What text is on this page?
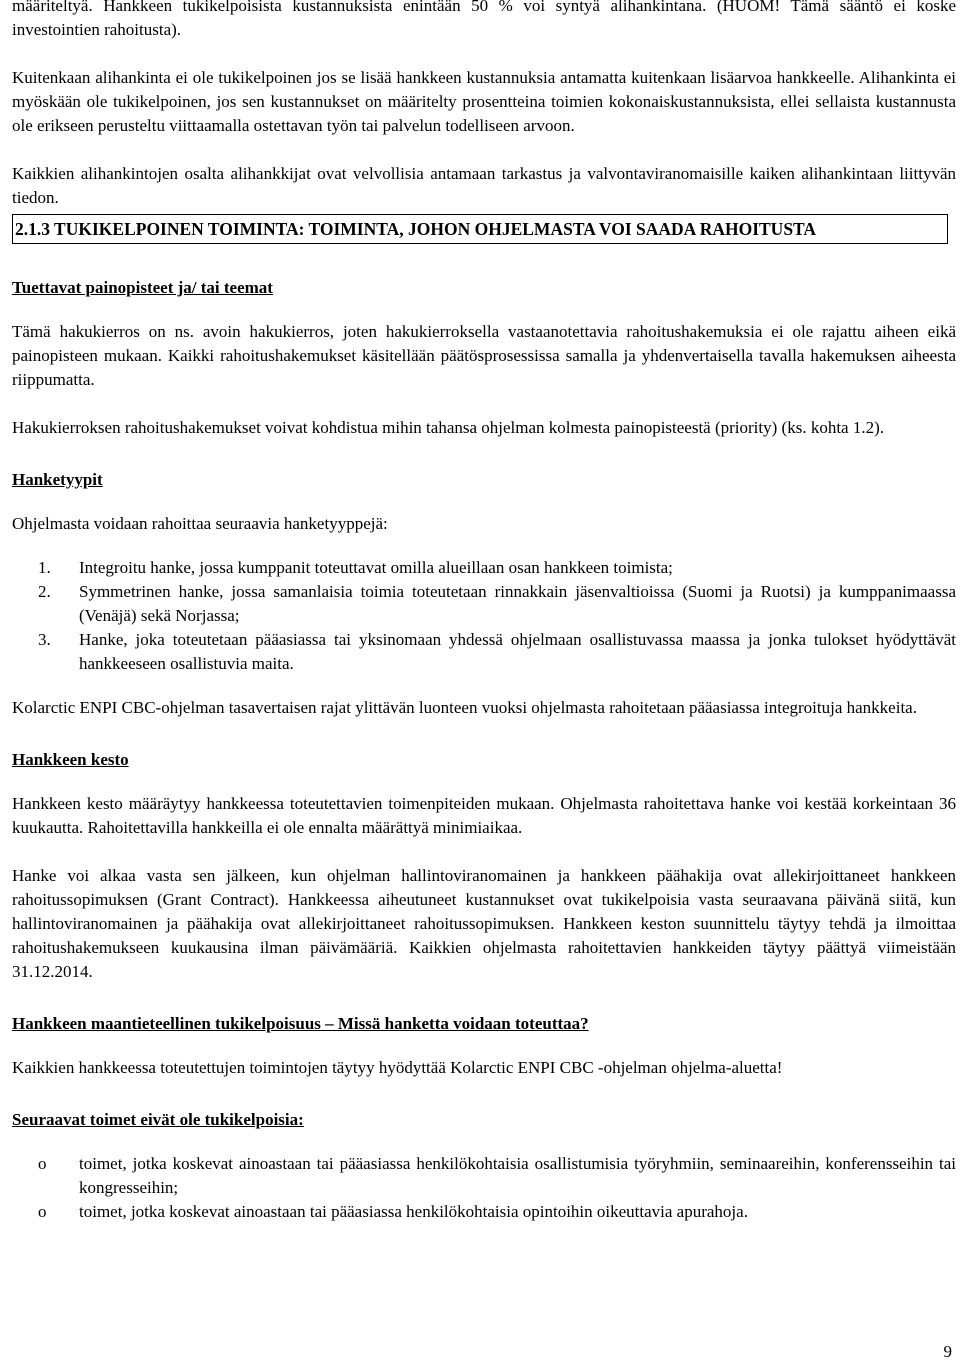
määriteltyä. Hankkeen tukikelpoisista kustannuksista enintään 50 % voi syntyä alihankintana. (HUOM! Tämä sääntö ei koske investointien rahoitusta).

Kuitenkaan alihankinta ei ole tukikelpoinen jos se lisää hankkeen kustannuksia antamatta kuitenkaan lisäarvoa hankkeelle. Alihankinta ei myöskään ole tukikelpoinen, jos sen kustannukset on määritelty prosentteina toimien kokonaiskustannuksista, ellei sellaista kustannusta ole erikseen perusteltu viittaamalla ostettavan työn tai palvelun todelliseen arvoon.

Kaikkien alihankintojen osalta alihankkijat ovat velvollisia antamaan tarkastus ja valvontaviranomaisille kaiken alihankintaan liittyvän tiedon.

2.1.3 TUKIKELPOINEN TOIMINTA: TOIMINTA, JOHON OHJELMASTA VOI SAADA RAHOITUSTA
Tuettavat painopisteet ja/ tai teemat

Tämä hakukierros on ns. avoin hakukierros, joten hakukierroksella vastaanotettavia rahoitushakemuksia ei ole rajattu aiheen eikä painopisteen mukaan. Kaikki rahoitushakemukset käsitellään päätösprosessissa samalla ja yhdenvertaisella tavalla hakemuksen aiheesta riippumatta.

Hakukierroksen rahoitushakemukset voivat kohdistua mihin tahansa ohjelman kolmesta painopisteestä (priority) (ks. kohta 1.2).

Hanketyypit

Ohjelmasta voidaan rahoittaa seuraavia hanketyyppejä:

1.	Integroitu hanke, jossa kumppanit toteuttavat omilla alueillaan osan hankkeen toimista;
2.	Symmetrinen hanke, jossa samanlaisia toimia toteutetaan rinnakkain jäsenvaltioissa (Suomi ja Ruotsi) ja kumppanimaassa (Venäjä) sekä Norjassa;
3.	Hanke, joka toteutetaan pääasiassa tai yksinomaan yhdessä ohjelmaan osallistuvassa maassa ja jonka tulokset hyödyttävät hankkeeseen osallistuvia maita.

Kolarctic ENPI CBC-ohjelman tasavertaisen rajat ylittävän luonteen vuoksi ohjelmasta rahoitetaan pääasiassa integroituja hankkeita.

Hankkeen kesto

Hankkeen kesto määräytyy hankkeessa toteutettavien toimenpiteiden mukaan. Ohjelmasta rahoitettava hanke voi kestää korkeintaan 36 kuukautta. Rahoitettavilla hankkeilla ei ole ennalta määrättyä minimiaikaa.

Hanke voi alkaa vasta sen jälkeen, kun ohjelman hallintoviranomainen ja hankkeen päähakija ovat allekirjoittaneet hankkeen rahoitussopimuksen (Grant Contract). Hankkeessa aiheutuneet kustannukset ovat tukikelpoisia vasta seuraavana päivänä siitä, kun hallintoviranomainen ja päähakija ovat allekirjoittaneet rahoitussopimuksen. Hankkeen keston suunnittelu täytyy tehdä ja ilmoittaa rahoitushakemukseen kuukausina ilman päivämääriä. Kaikkien ohjelmasta rahoitettavien hankkeiden täytyy päättyä viimeistään 31.12.2014.

Hankkeen maantieteellinen tukikelpoisuus – Missä hanketta voidaan toteuttaa?

Kaikkien hankkeessa toteutettujen toimintojen täytyy hyödyttää Kolarctic ENPI CBC -ohjelman ohjelma-aluetta!

Seuraavat toimet eivät ole tukikelpoisia:
o	toimet, jotka koskevat ainoastaan tai pääasiassa henkilökohtaisia osallistumisia työryhmiin, seminaareihin, konferensseihin tai kongresseihin;
o	toimet, jotka koskevat ainoastaan tai pääasiassa henkilökohtaisia opintoihin oikeuttavia apurahoja.
9
